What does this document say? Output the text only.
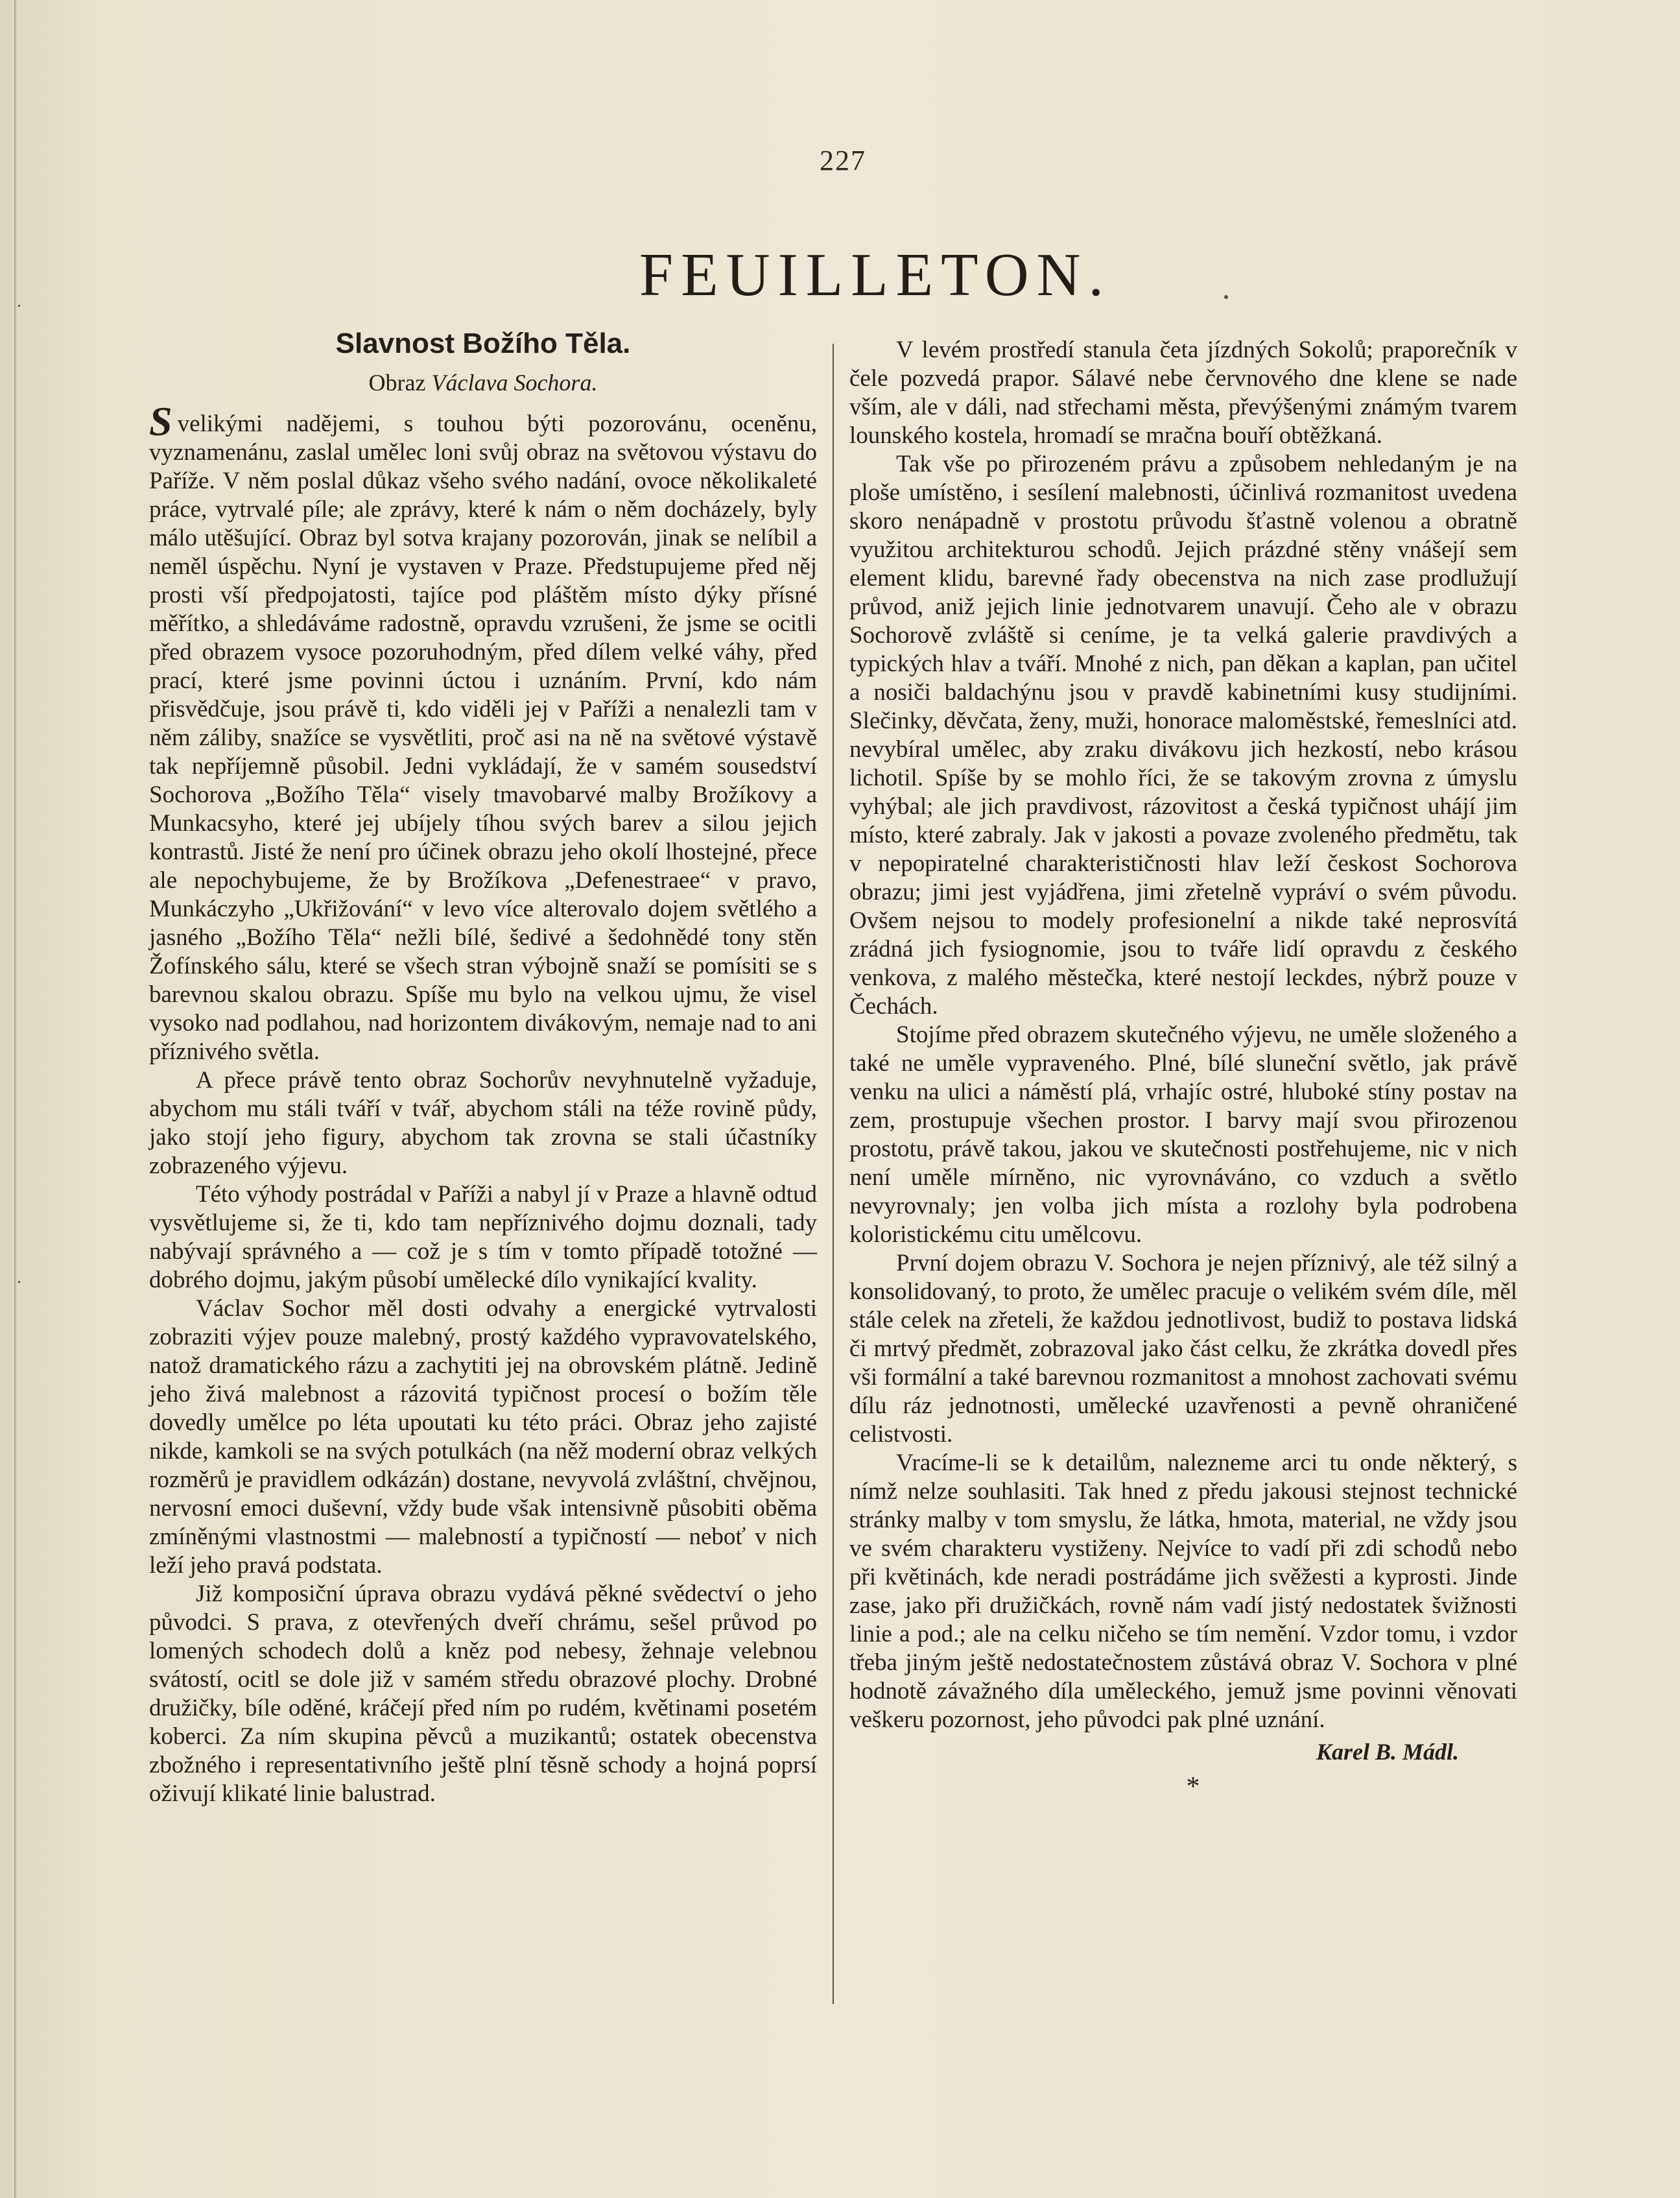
227
FEUILLETON.
Slavnost Božího Těla.
Obraz Václava Sochora.

Svelikými nadějemi, s touhou býti pozorovánu, oceněnu, vyznamenánu, zaslal umělec loni svůj obraz na světovou výstavu do Paříže. V něm poslal důkaz všeho svého nadání, ovoce několikaleté práce, vytrvalé píle; ale zprávy, které k nám o něm docházely, byly málo utěšující. Obraz byl sotva krajany pozorován, jinak se nelíbil a neměl úspěchu. Nyní je vystaven v Praze. Předstupujeme před něj prosti vší předpojatosti, tajíce pod pláštěm místo dýky přísné měřítko, a shledáváme radostně, opravdu vzrušeni, že jsme se ocitli před obrazem vysoce pozoruhodným, před dílem velké váhy, před prací, které jsme povinni úctou i uznáním. První, kdo nám přisvědčuje, jsou právě ti, kdo viděli jej v Paříži a nenalezli tam v něm záliby, snažíce se vysvětliti, proč asi na ně na světové výstavě tak nepříjemně působil. Jedni vykládají, že v samém sousedství Sochorova „Božího Těla“ visely tmavobarvé malby Brožíkovy a Munkacsyho, které jej ubíjely tíhou svých barev a silou jejich kontrastů. Jisté že není pro účinek obrazu jeho okolí lhostejné, přece ale nepochybujeme, že by Brožíkova „Defenestraee“ v pravo, Munkáczyho „Ukřižování“ v levo více alterovalo dojem světlého a jasného „Božího Těla“ nežli bílé, šedivé a šedohnědé tony stěn Žofínského sálu, které se všech stran výbojně snaží se pomísiti se s barevnou skalou obrazu. Spíše mu bylo na velkou ujmu, že visel vysoko nad podlahou, nad horizontem divákovým, nemaje nad to ani příznivého světla.

A přece právě tento obraz Sochorův nevyhnutelně vyžaduje, abychom mu stáli tváří v tvář, abychom stáli na téže rovině půdy, jako stojí jeho figury, abychom tak zrovna se stali účastníky zobrazeného výjevu.

Této výhody postrádal v Paříži a nabyl jí v Praze a hlavně odtud vysvětlujeme si, že ti, kdo tam nepříznivého dojmu doznali, tady nabývají správného a — což je s tím v tomto případě totožné — dobrého dojmu, jakým působí umělecké dílo vynikající kvality.

Václav Sochor měl dosti odvahy a energické vytrvalosti zobraziti výjev pouze malebný, prostý každého vypravovatelského, natož dramatického rázu a zachytiti jej na obrovském plátně. Jedině jeho živá malebnost a rázovitá typičnost procesí o božím těle dovedly umělce po léta upoutati ku této práci. Obraz jeho zajisté nikde, kamkoli se na svých potulkách (na něž moderní obraz velkých rozměrů je pravidlem odkázán) dostane, nevyvolá zvláštní, chvějnou, nervosní emoci duševní, vždy bude však intensivně působiti oběma zmíněnými vlastnostmi — malebností a typičností — neboť v nich leží jeho pravá podstata.

Již komposiční úprava obrazu vydává pěkné svědectví o jeho původci. S prava, z otevřených dveří chrámu, sešel průvod po lomených schodech dolů a kněz pod nebesy, žehnaje velebnou svátostí, ocitl se dole již v samém středu obrazové plochy. Drobné družičky, bíle oděné, kráčejí před ním po rudém, květinami posetém koberci. Za ním skupina pěvců a muzikantů; ostatek obecenstva zbožného i representativního ještě plní těsně schody a hojná poprsí oživují klikaté linie balustrad.

V levém prostředí stanula četa jízdných Sokolů; praporečník v čele pozvedá prapor. Sálavé nebe červnového dne klene se nade vším, ale v dáli, nad střechami města, převýšenými známým tvarem lounského kostela, hromadí se mračna bouří obtěžkaná.

Tak vše po přirozeném právu a způsobem nehledaným je na ploše umístěno, i sesílení malebnosti, účinlivá rozmanitost uvedena skoro nenápadně v prostotu průvodu šťastně volenou a obratně využitou architekturou schodů. Jejich prázdné stěny vnášejí sem element klidu, barevné řady obecenstva na nich zase prodlužují průvod, aniž jejich linie jednotvarem unavují. Čeho ale v obrazu Sochorově zvláště si ceníme, je ta velká galerie pravdivých a typických hlav a tváří. Mnohé z nich, pan děkan a kaplan, pan učitel a nosiči baldachýnu jsou v pravdě kabinetními kusy studijními. Slečinky, děvčata, ženy, muži, honorace maloměstské, řemeslníci atd. nevybíral umělec, aby zraku divákovu jich hezkostí, nebo krásou lichotil. Spíše by se mohlo říci, že se takovým zrovna z úmyslu vyhýbal; ale jich pravdivost, rázovitost a česká typičnost uhájí jim místo, které zabraly. Jak v jakosti a povaze zvoleného předmětu, tak v nepopiratelné charakterističnosti hlav leží českost Sochorova obrazu; jimi jest vyjádřena, jimi zřetelně vypráví o svém původu. Ovšem nejsou to modely profesionelní a nikde také neprosvítá zrádná jich fysiognomie, jsou to tváře lidí opravdu z českého venkova, z malého městečka, které nestojí leckdes, nýbrž pouze v Čechách.

Stojíme před obrazem skutečného výjevu, ne uměle složeného a také ne uměle vypraveného. Plné, bílé sluneční světlo, jak právě venku na ulici a náměstí plá, vrhajíc ostré, hluboké stíny postav na zem, prostupuje všechen prostor. I barvy mají svou přirozenou prostotu, právě takou, jakou ve skutečnosti postřehujeme, nic v nich není uměle mírněno, nic vyrovnáváno, co vzduch a světlo nevyrovnaly; jen volba jich místa a rozlohy byla podrobena koloristickému citu umělcovu.

První dojem obrazu V. Sochora je nejen příznivý, ale též silný a konsolidovaný, to proto, že umělec pracuje o velikém svém díle, měl stále celek na zřeteli, že každou jednotlivost, budiž to postava lidská či mrtvý předmět, zobrazoval jako část celku, že zkrátka dovedl přes vši formální a také barevnou rozmanitost a mnohost zachovati svému dílu ráz jednotnosti, umělecké uzavřenosti a pevně ohraničené celistvosti.

Vracíme-li se k detailům, nalezneme arci tu onde některý, s nímž nelze souhlasiti. Tak hned z předu jakousi stejnost technické stránky malby v tom smyslu, že látka, hmota, material, ne vždy jsou ve svém charakteru vystiženy. Nejvíce to vadí při zdi schodů nebo při květinách, kde neradi postrádáme jich svěžesti a kyprosti. Jinde zase, jako při družičkách, rovně nám vadí jistý nedostatek švižnosti linie a pod.; ale na celku ničeho se tím nemění. Vzdor tomu, i vzdor třeba jiným ještě nedostatečnostem zůstává obraz V. Sochora v plné hodnotě závažného díla uměleckého, jemuž jsme povinni věnovati veškeru pozornost, jeho původci pak plné uznání.

Karel B. Mádl.
*
